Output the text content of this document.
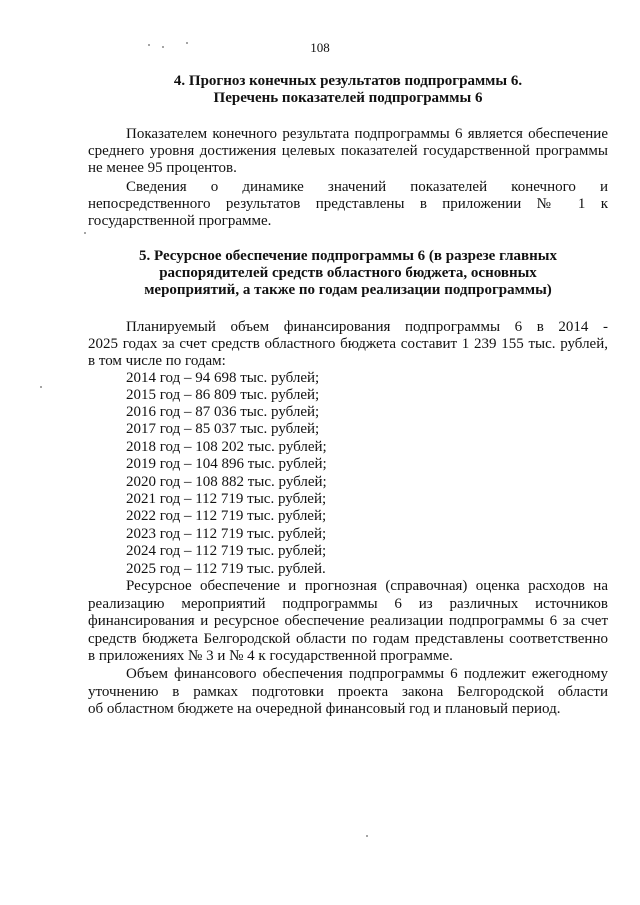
108
4. Прогноз конечных результатов подпрограммы 6.
Перечень показателей подпрограммы 6
Показателем конечного результата подпрограммы 6 является обеспечение
среднего уровня достижения целевых показателей государственной программы
не менее 95 процентов.
Сведения о динамике значений показателей конечного и
непосредственного результатов представлены в приложении № 1 к
государственной программе.
5. Ресурсное обеспечение подпрограммы 6 (в разрезе главных
распорядителей средств областного бюджета, основных
мероприятий, а также по годам реализации подпрограммы)
Планируемый объем финансирования подпрограммы 6 в 2014 -
2025 годах за счет средств областного бюджета составит 1 239 155 тыс. рублей,
в том числе по годам:
2014 год – 94 698 тыс. рублей;
2015 год – 86 809 тыс. рублей;
2016 год – 87 036 тыс. рублей;
2017 год – 85 037 тыс. рублей;
2018 год – 108 202 тыс. рублей;
2019 год – 104 896 тыс. рублей;
2020 год – 108 882 тыс. рублей;
2021 год – 112 719 тыс. рублей;
2022 год – 112 719 тыс. рублей;
2023 год – 112 719 тыс. рублей;
2024 год – 112 719 тыс. рублей;
2025 год – 112 719 тыс. рублей.
Ресурсное обеспечение и прогнозная (справочная) оценка расходов на
реализацию мероприятий подпрограммы 6 из различных источников
финансирования и ресурсное обеспечение реализации подпрограммы 6 за счет
средств бюджета Белгородской области по годам представлены соответственно
в приложениях № 3 и № 4 к государственной программе.
Объем финансового обеспечения подпрограммы 6 подлежит ежегодному
уточнению в рамках подготовки проекта закона Белгородской области
об областном бюджете на очередной финансовый год и плановый период.
